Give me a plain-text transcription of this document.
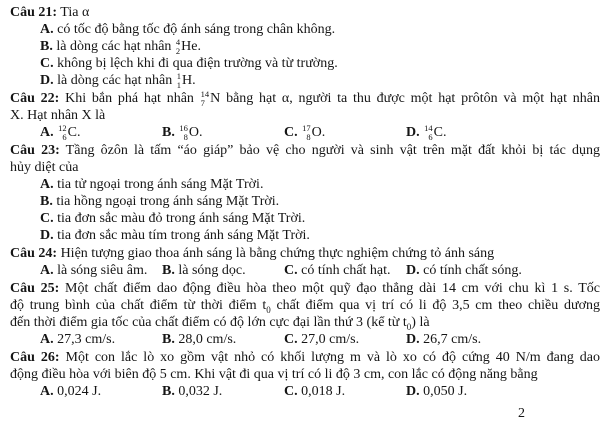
Câu 21: Tia α

A. có tốc độ bằng tốc độ ánh sáng trong chân không.

B. là dòng các hạt nhân 4
2 He.

C. không bị lệch khi đi qua điện trường và từ trường.

D. là dòng các hạt nhân 1
1 H.

Câu 22: Khi bắn phá hạt nhân 14
7 N bằng hạt α, người ta thu được một hạt prôtôn và một hạt nhân
X. Hạt nhân X là

A. 12
6 C.	B. 16
8 O.	C. 17
8 O.	D. 14
6 C.

Câu 23: Tầng ôzôn là tấm “áo giáp” bảo vệ cho người và sinh vật trên mặt đất khỏi bị tác dụng
hủy diệt của

A. tia tử ngoại trong ánh sáng Mặt Trời.

B. tia hồng ngoại trong ánh sáng Mặt Trời.

C. tia đơn sắc màu đỏ trong ánh sáng Mặt Trời.

D. tia đơn sắc màu tím trong ánh sáng Mặt Trời.

Câu 24: Hiện tượng giao thoa ánh sáng là bằng chứng thực nghiệm chứng tỏ ánh sáng

A. là sóng siêu âm.	B. là sóng dọc.	C. có tính chất hạt.	D. có tính chất sóng.

Câu 25: Một chất điểm dao động điều hòa theo một quỹ đạo thẳng dài 14 cm với chu kì 1 s. Tốc
độ trung bình của chất điểm từ thời điểm $t_0$ chất điểm qua vị trí có li độ 3,5 cm theo chiều dương
đến thời điểm gia tốc của chất điểm có độ lớn cực đại lần thứ 3 (kể từ $t_0$) là

A. 27,3 cm/s.	B. 28,0 cm/s.	C. 27,0 cm/s.	D. 26,7 cm/s.

Câu 26: Một con lắc lò xo gồm vật nhỏ có khối lượng m và lò xo có độ cứng 40 N/m đang dao
động điều hòa với biên độ 5 cm. Khi vật đi qua vị trí có li độ 3 cm, con lắc có động năng bằng

A. 0,024 J.	B. 0,032 J.	C. 0,018 J.	D. 0,050 J.

2
